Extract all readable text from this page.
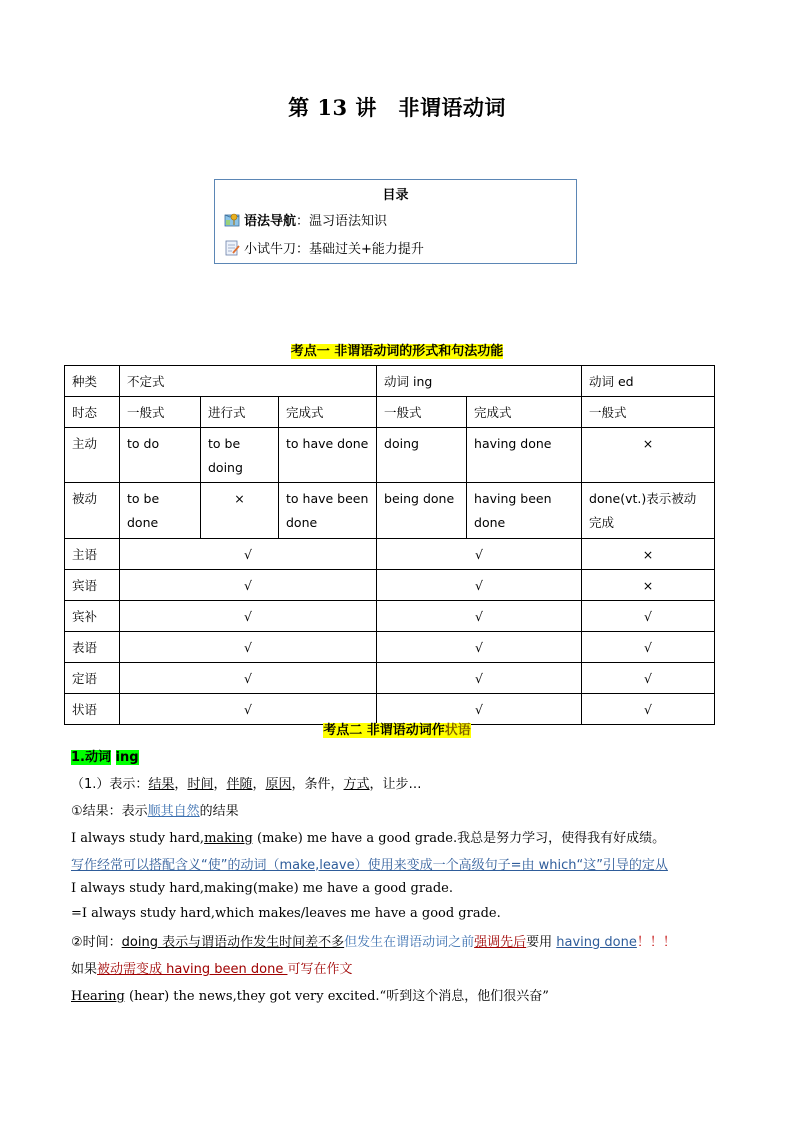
第 13 讲　非谓语动词
目录
语法导航：温习语法知识
小试牛刀：基础过关+能力提升
考点一 非谓语动词的形式和句法功能
种类	不定式			动词 ing		动词 ed
时态	一般式	进行式	完成式	一般式	完成式	一般式
主动	to do	to be doing	to have done	doing	having done	×
被动	to be done	×	to have been done	being done	having been done	done(vt.)表示被动完成
主语	√			√		×
宾语	√			√		×
宾补	√			√		√
表语	√			√		√
定语	√			√		√
状语	√			√		√
考点二 非谓语动词作状语
1.动词 ing
（1.）表示：结果，时间，伴随，原因，条件，方式，让步…
①结果：表示顺其自然的结果
I always study hard,making (make) me have a good grade.我总是努力学习，使得我有好成绩。
写作经常可以搭配含义“使”的动词（make,leave）使用来变成一个高级句子=由 which“这”引导的定从
I always study hard,making(make) me have a good grade.
=I always study hard,which makes/leaves me have a good grade.
②时间：doing 表示与谓语动作发生时间差不多但发生在谓语动词之前强调先后要用 having done！！！
如果被动需变成 having been done 可写在作文
Hearing (hear) the news,they got very excited.“听到这个消息，他们很兴奋”
